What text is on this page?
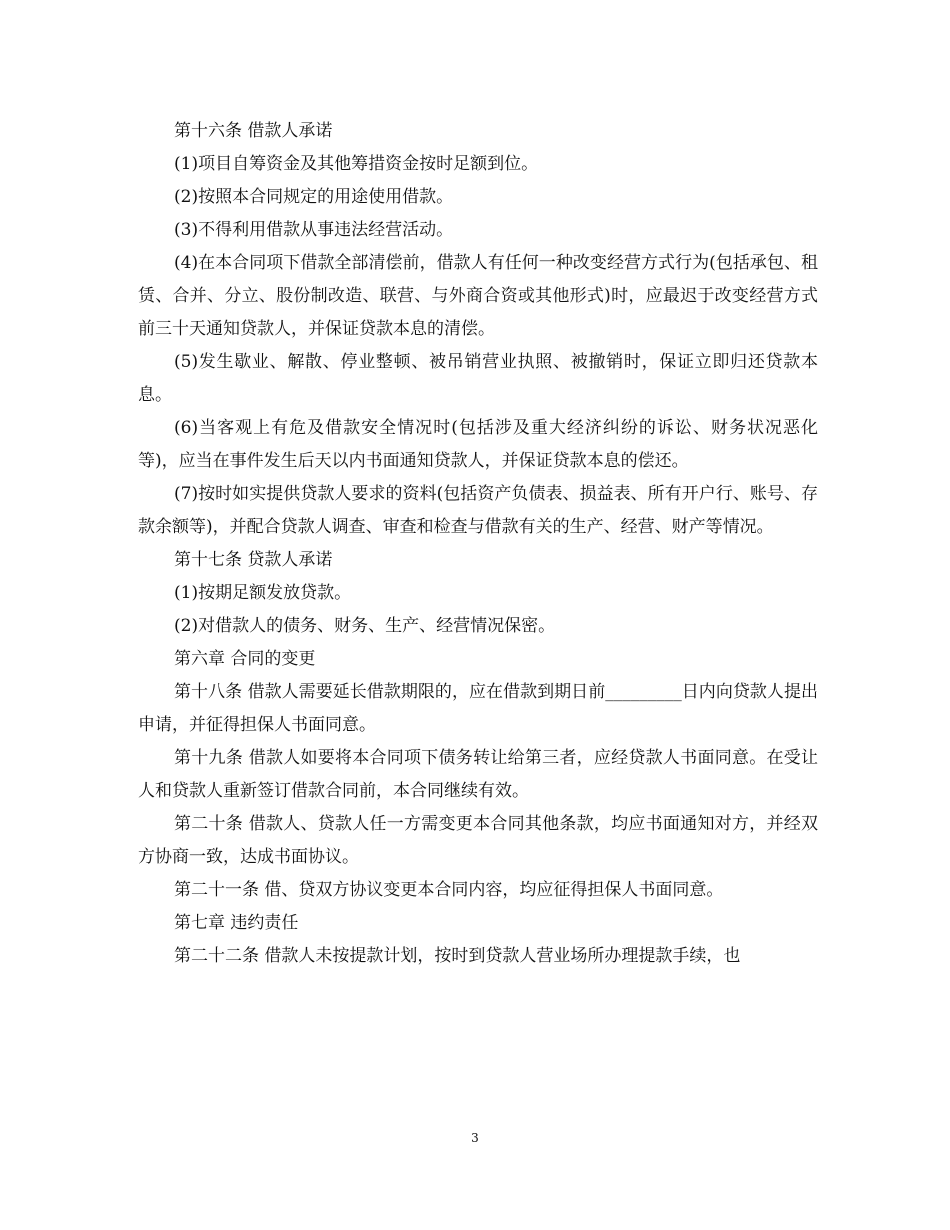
第十六条 借款人承诺

(1)项目自筹资金及其他筹措资金按时足额到位。

(2)按照本合同规定的用途使用借款。

(3)不得利用借款从事违法经营活动。

(4)在本合同项下借款全部清偿前，借款人有任何一种改变经营方式行为(包括承包、租赁、合并、分立、股份制改造、联营、与外商合资或其他形式)时，应最迟于改变经营方式前三十天通知贷款人，并保证贷款本息的清偿。

(5)发生歇业、解散、停业整顿、被吊销营业执照、被撤销时，保证立即归还贷款本息。

(6)当客观上有危及借款安全情况时(包括涉及重大经济纠纷的诉讼、财务状况恶化等)，应当在事件发生后天以内书面通知贷款人，并保证贷款本息的偿还。

(7)按时如实提供贷款人要求的资料(包括资产负债表、损益表、所有开户行、账号、存款余额等)，并配合贷款人调查、审查和检查与借款有关的生产、经营、财产等情况。

第十七条 贷款人承诺

(1)按期足额发放贷款。

(2)对借款人的债务、财务、生产、经营情况保密。

第六章 合同的变更

第十八条 借款人需要延长借款期限的，应在借款到期日前_________日内向贷款人提出申请，并征得担保人书面同意。

第十九条 借款人如要将本合同项下债务转让给第三者，应经贷款人书面同意。在受让人和贷款人重新签订借款合同前，本合同继续有效。

第二十条 借款人、贷款人任一方需变更本合同其他条款，均应书面通知对方，并经双方协商一致，达成书面协议。

第二十一条 借、贷双方协议变更本合同内容，均应征得担保人书面同意。

第七章 违约责任

第二十二条 借款人未按提款计划，按时到贷款人营业场所办理提款手续，也

3
